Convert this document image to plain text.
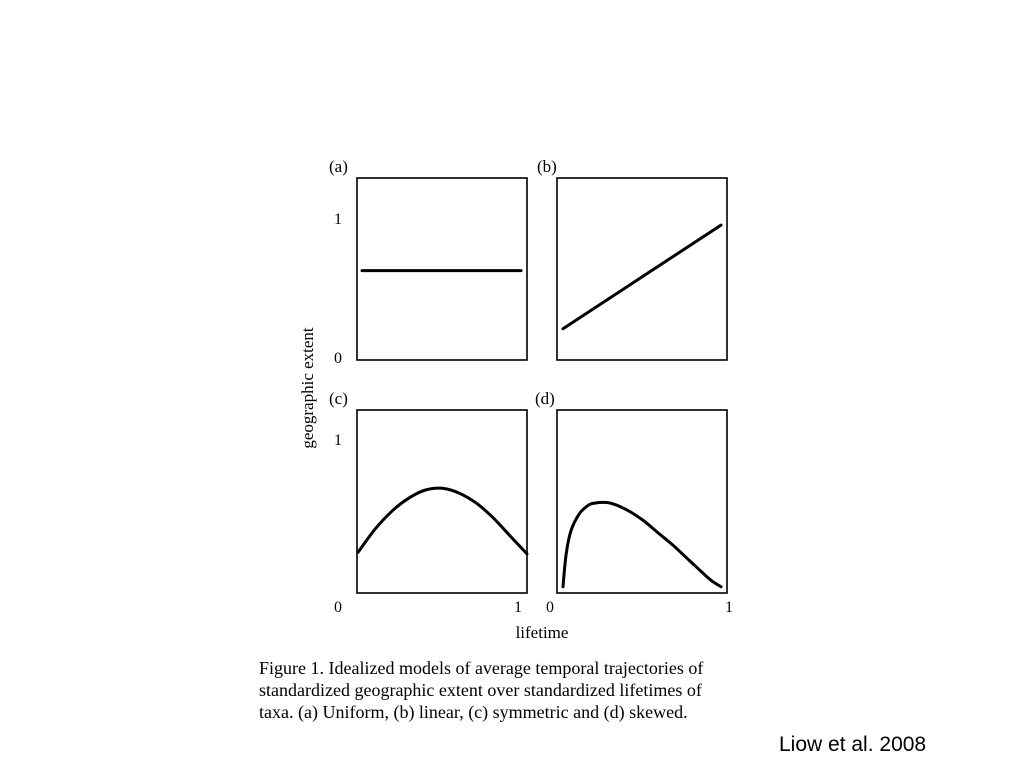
(a)	(b)
(c)	(d)
1
0
1
0	1 0	1
lifetime
geographic extent

Figure 1. Idealized models of average temporal trajectories of

standardized geographic extent over standardized lifetimes of

taxa. (a) Uniform, (b) linear, (c) symmetric and (d) skewed.

Liow et al. 2008
